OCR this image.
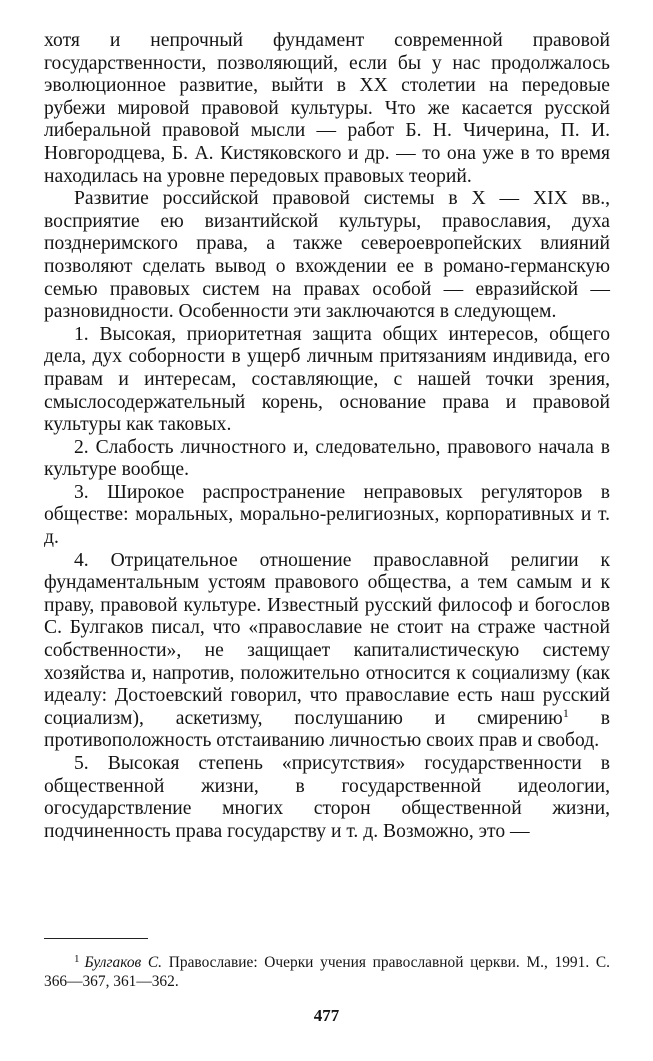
хотя и непрочный фундамент современной правовой государственности, позволяющий, если бы у нас продолжалось эволюционное развитие, выйти в XX столетии на передовые рубежи мировой правовой культуры. Что же касается русской либеральной правовой мысли — работ Б. Н. Чичерина, П. И. Новгородцева, Б. А. Кистяковского и др. — то она уже в то время находилась на уровне передовых правовых теорий.

Развитие российской правовой системы в X — XIX вв., восприятие ею византийской культуры, православия, духа позднеримского права, а также североевропейских влияний позволяют сделать вывод о вхождении ее в романо-германскую семью правовых систем на правах особой — евразийской — разновидности. Особенности эти заключаются в следующем.

1. Высокая, приоритетная защита общих интересов, общего дела, дух соборности в ущерб личным притязаниям индивида, его правам и интересам, составляющие, с нашей точки зрения, смыслосодержательный корень, основание права и правовой культуры как таковых.

2. Слабость личностного и, следовательно, правового начала в культуре вообще.

3. Широкое распространение неправовых регуляторов в обществе: моральных, морально-религиозных, корпоративных и т. д.

4. Отрицательное отношение православной религии к фундаментальным устоям правового общества, а тем самым и к праву, правовой культуре. Известный русский философ и богослов С. Булгаков писал, что «православие не стоит на страже частной собственности», не защищает капиталистическую систему хозяйства и, напротив, положительно относится к социализму (как идеалу: Достоевский говорил, что православие есть наш русский социализм), аскетизму, послушанию и смирению$^1$ в противоположность отстаиванию личностью своих прав и свобод.

5. Высокая степень «присутствия» государственности в общественной жизни, в государственной идеологии, огосударствление многих сторон общественной жизни, подчиненность права государству и т. д. Возможно, это —

$^1$ Булгаков С. Православие: Очерки учения православной церкви. М., 1991. С. 366—367, 361—362.

477
